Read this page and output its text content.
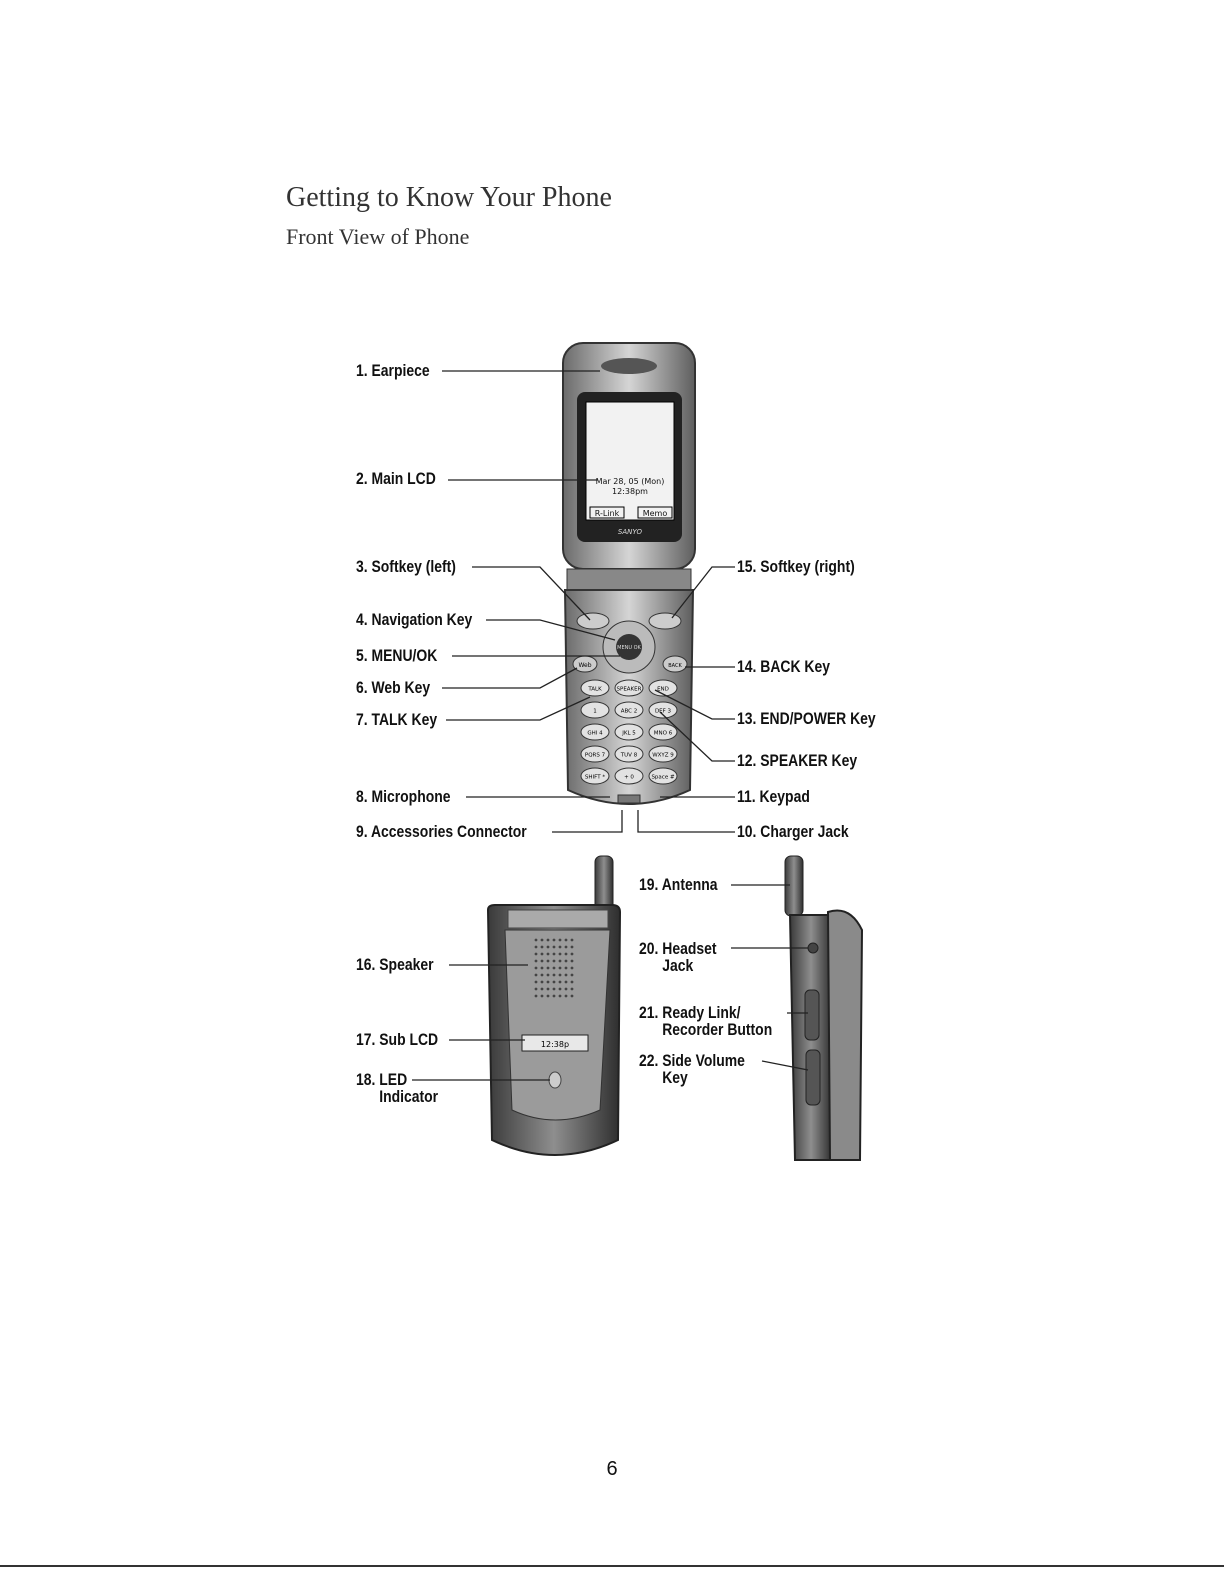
Getting to Know Your Phone
Front View of Phone
Mar 28, 05 (Mon)
12:38pm
R-Link	Memo
SANYO
MENU OK
Web	BACK
TALK	SPEAKER	END
1	ABC 2	DEF 3
GHI 4	JKL 5	MNO 6
PQRS 7	TUV 8	WXYZ 9
SHIFT *	+ 0	Space #
12:38p
1. Earpiece
2. Main LCD
3. Softkey (left)
4. Navigation Key
5. MENU/OK
6. Web Key
7. TALK Key
8. Microphone
9. Accessories Connector	10. Charger Jack
11. Keypad
12. SPEAKER Key
13. END/POWER Key
14. BACK Key
15. Softkey (right)
16. Speaker
17. Sub LCD
18. LED
Indicator
19. Antenna
20. Headset
Jack
21. Ready Link/
Recorder Button
22. Side Volume
Key
6
